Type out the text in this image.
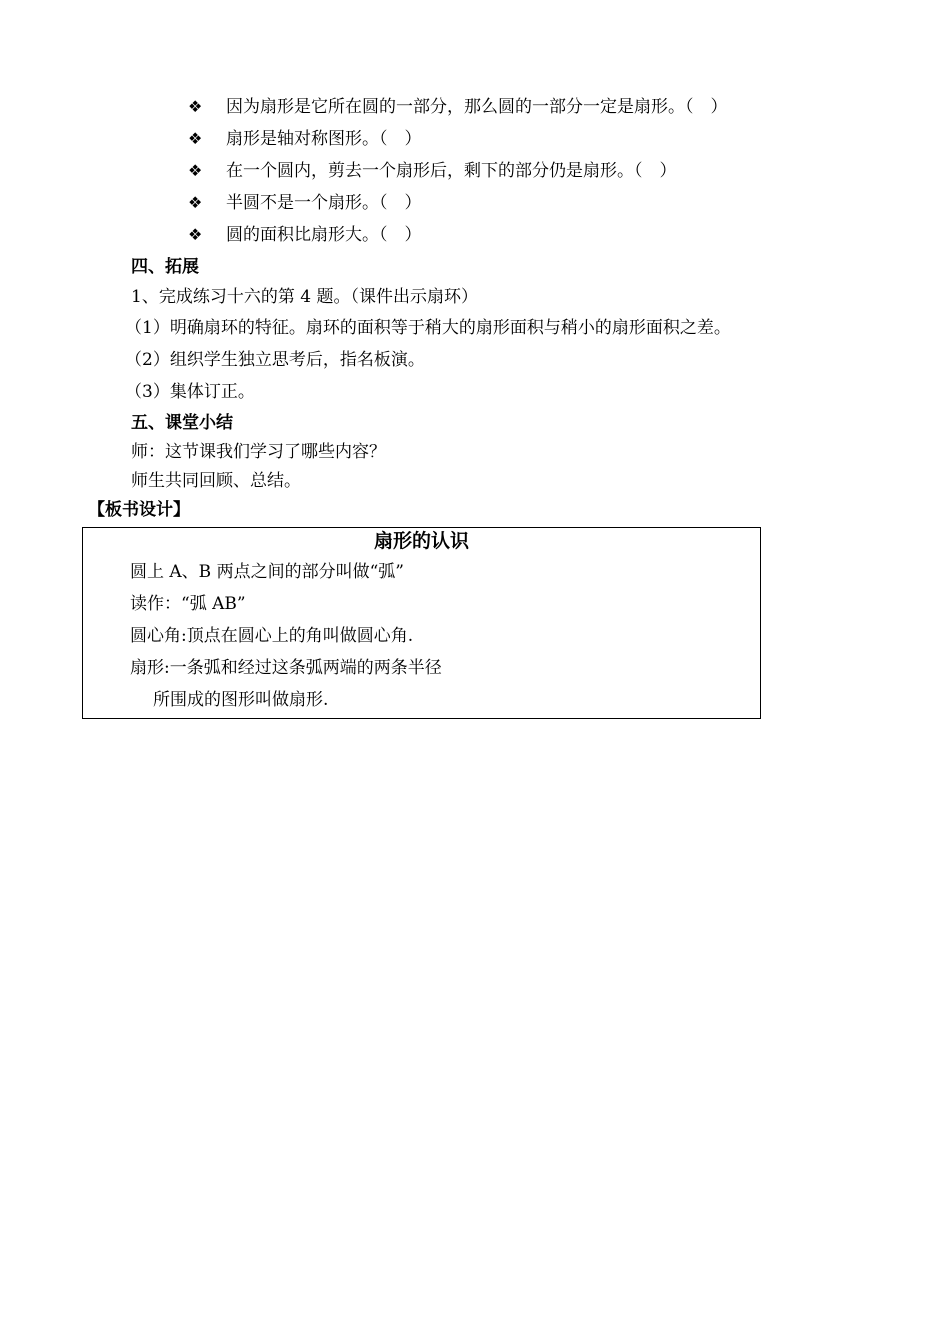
❖ 因为扇形是它所在圆的一部分，那么圆的一部分一定是扇形。（　）
❖ 扇形是轴对称图形。（　）
❖ 在一个圆内，剪去一个扇形后，剩下的部分仍是扇形。（　）
❖ 半圆不是一个扇形。（　）
❖ 圆的面积比扇形大。（　）
四、拓展
1、完成练习十六的第 4 题。（课件出示扇环）
（1）明确扇环的特征。扇环的面积等于稍大的扇形面积与稍小的扇形面积之差。
（2）组织学生独立思考后，指名板演。
（3）集体订正。
五、课堂小结
师：这节课我们学习了哪些内容？
师生共同回顾、总结。
【板书设计】
扇形的认识
圆上 A、B 两点之间的部分叫做“弧”
读作：“弧 AB”
圆心角:顶点在圆心上的角叫做圆心角.
扇形:一条弧和经过这条弧两端的两条半径
所围成的图形叫做扇形.
